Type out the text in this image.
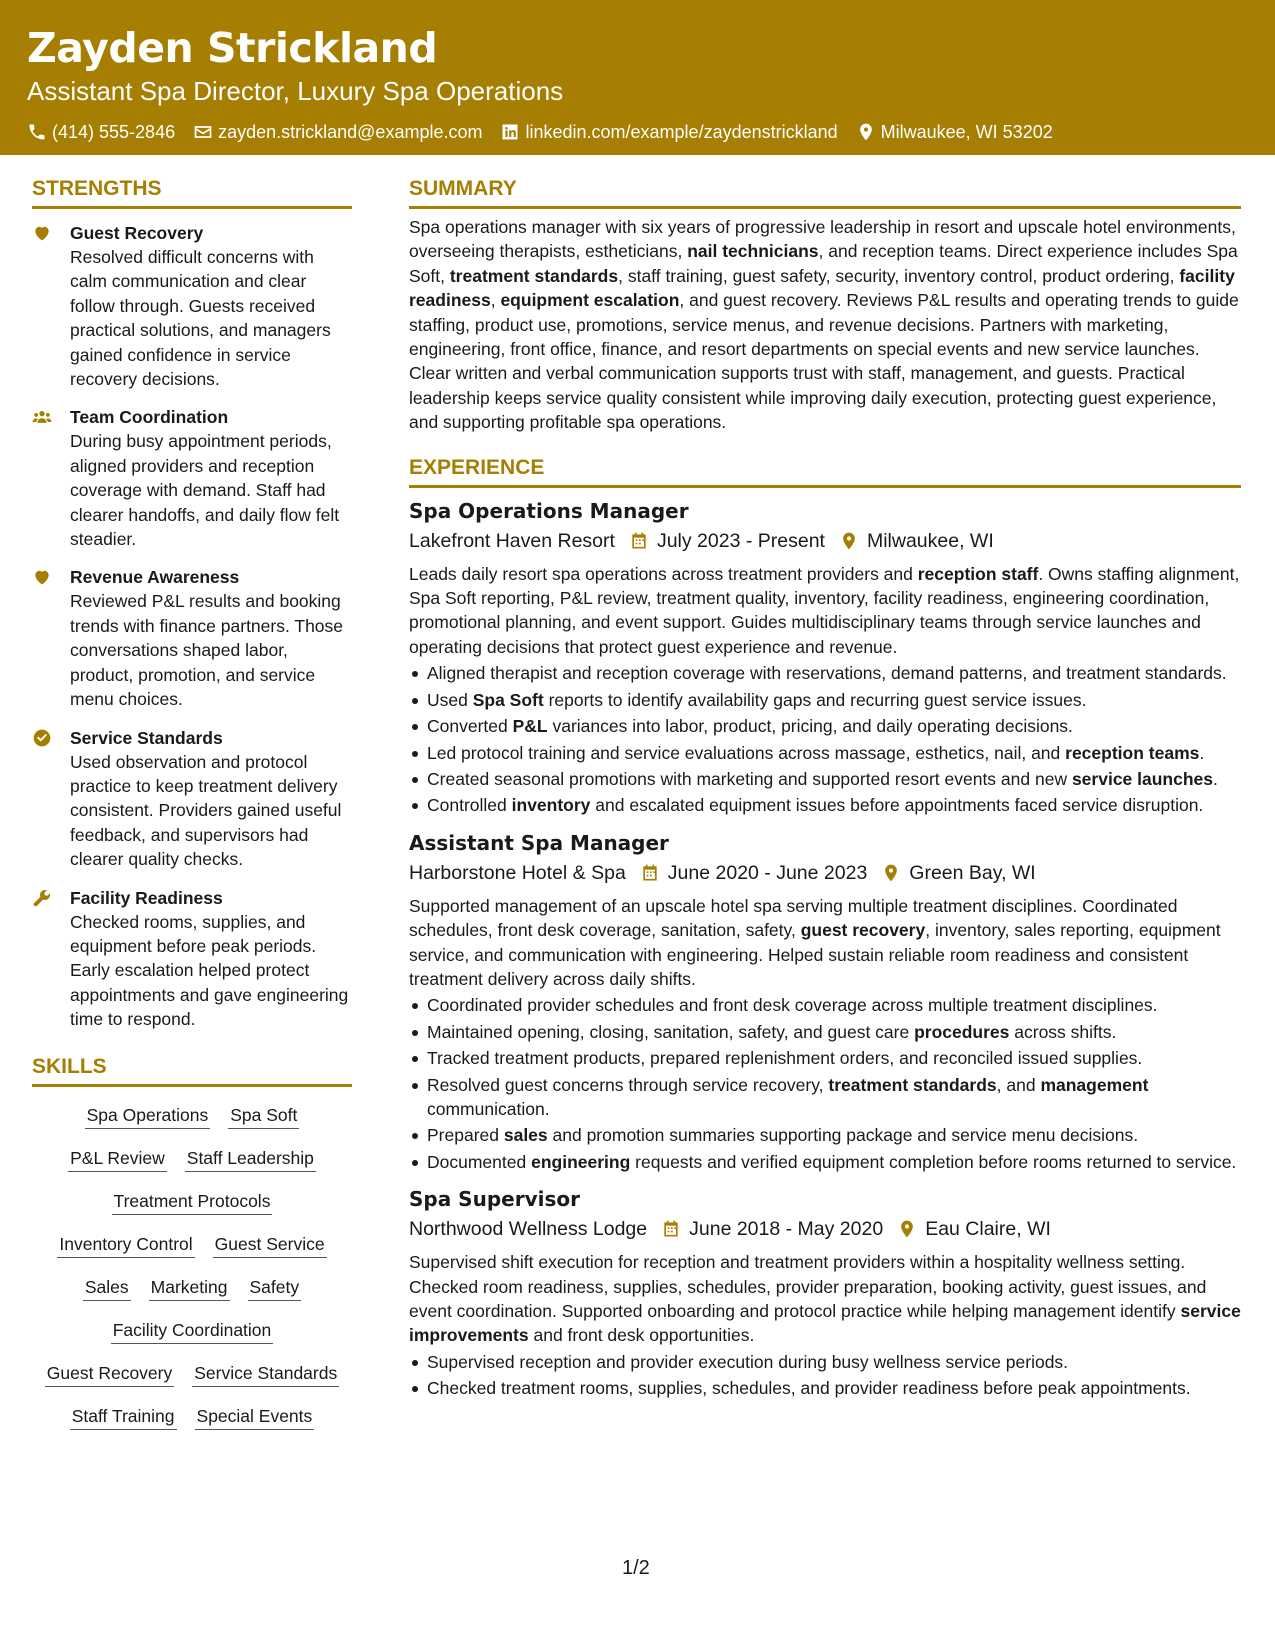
Zayden Strickland
Assistant Spa Director, Luxury Spa Operations
(414) 555-2846 zayden.strickland@example.com linkedin.com/example/zaydenstrickland Milwaukee, WI 53202
STRENGTHS
Guest Recovery
Resolved difficult concerns with calm communication and clear follow through. Guests received practical solutions, and managers gained confidence in service recovery decisions.
Team Coordination
During busy appointment periods, aligned providers and reception coverage with demand. Staff had clearer handoffs, and daily flow felt steadier.
Revenue Awareness
Reviewed P&L results and booking trends with finance partners. Those conversations shaped labor, product, promotion, and service menu choices.
Service Standards
Used observation and protocol practice to keep treatment delivery consistent. Providers gained useful feedback, and supervisors had clearer quality checks.
Facility Readiness
Checked rooms, supplies, and equipment before peak periods. Early escalation helped protect appointments and gave engineering time to respond.
SKILLS
Spa Operations Spa Soft
P&L Review Staff Leadership
Treatment Protocols
Inventory Control Guest Service
Sales Marketing Safety
Facility Coordination
Guest Recovery Service Standards
Staff Training Special Events
SUMMARY
Spa operations manager with six years of progressive leadership in resort and upscale hotel environments, overseeing therapists, estheticians, nail technicians, and reception teams. Direct experience includes Spa Soft, treatment standards, staff training, guest safety, security, inventory control, product ordering, facility readiness, equipment escalation, and guest recovery. Reviews P&L results and operating trends to guide staffing, product use, promotions, service menus, and revenue decisions. Partners with marketing, engineering, front office, finance, and resort departments on special events and new service launches. Clear written and verbal communication supports trust with staff, management, and guests. Practical leadership keeps service quality consistent while improving daily execution, protecting guest experience, and supporting profitable spa operations.
EXPERIENCE
Spa Operations Manager
Lakefront Haven Resort July 2023 - Present Milwaukee, WI
Leads daily resort spa operations across treatment providers and reception staff. Owns staffing alignment, Spa Soft reporting, P&L review, treatment quality, inventory, facility readiness, engineering coordination, promotional planning, and event support. Guides multidisciplinary teams through service launches and operating decisions that protect guest experience and revenue.
Aligned therapist and reception coverage with reservations, demand patterns, and treatment standards.
Used Spa Soft reports to identify availability gaps and recurring guest service issues.
Converted P&L variances into labor, product, pricing, and daily operating decisions.
Led protocol training and service evaluations across massage, esthetics, nail, and reception teams.
Created seasonal promotions with marketing and supported resort events and new service launches.
Controlled inventory and escalated equipment issues before appointments faced service disruption.
Assistant Spa Manager
Harborstone Hotel & Spa June 2020 - June 2023 Green Bay, WI
Supported management of an upscale hotel spa serving multiple treatment disciplines. Coordinated schedules, front desk coverage, sanitation, safety, guest recovery, inventory, sales reporting, equipment service, and communication with engineering. Helped sustain reliable room readiness and consistent treatment delivery across daily shifts.
Coordinated provider schedules and front desk coverage across multiple treatment disciplines.
Maintained opening, closing, sanitation, safety, and guest care procedures across shifts.
Tracked treatment products, prepared replenishment orders, and reconciled issued supplies.
Resolved guest concerns through service recovery, treatment standards, and management communication.
Prepared sales and promotion summaries supporting package and service menu decisions.
Documented engineering requests and verified equipment completion before rooms returned to service.
Spa Supervisor
Northwood Wellness Lodge June 2018 - May 2020 Eau Claire, WI
Supervised shift execution for reception and treatment providers within a hospitality wellness setting. Checked room readiness, supplies, schedules, provider preparation, booking activity, guest issues, and event coordination. Supported onboarding and protocol practice while helping management identify service improvements and front desk opportunities.
Supervised reception and provider execution during busy wellness service periods.
Checked treatment rooms, supplies, schedules, and provider readiness before peak appointments.
1/2
